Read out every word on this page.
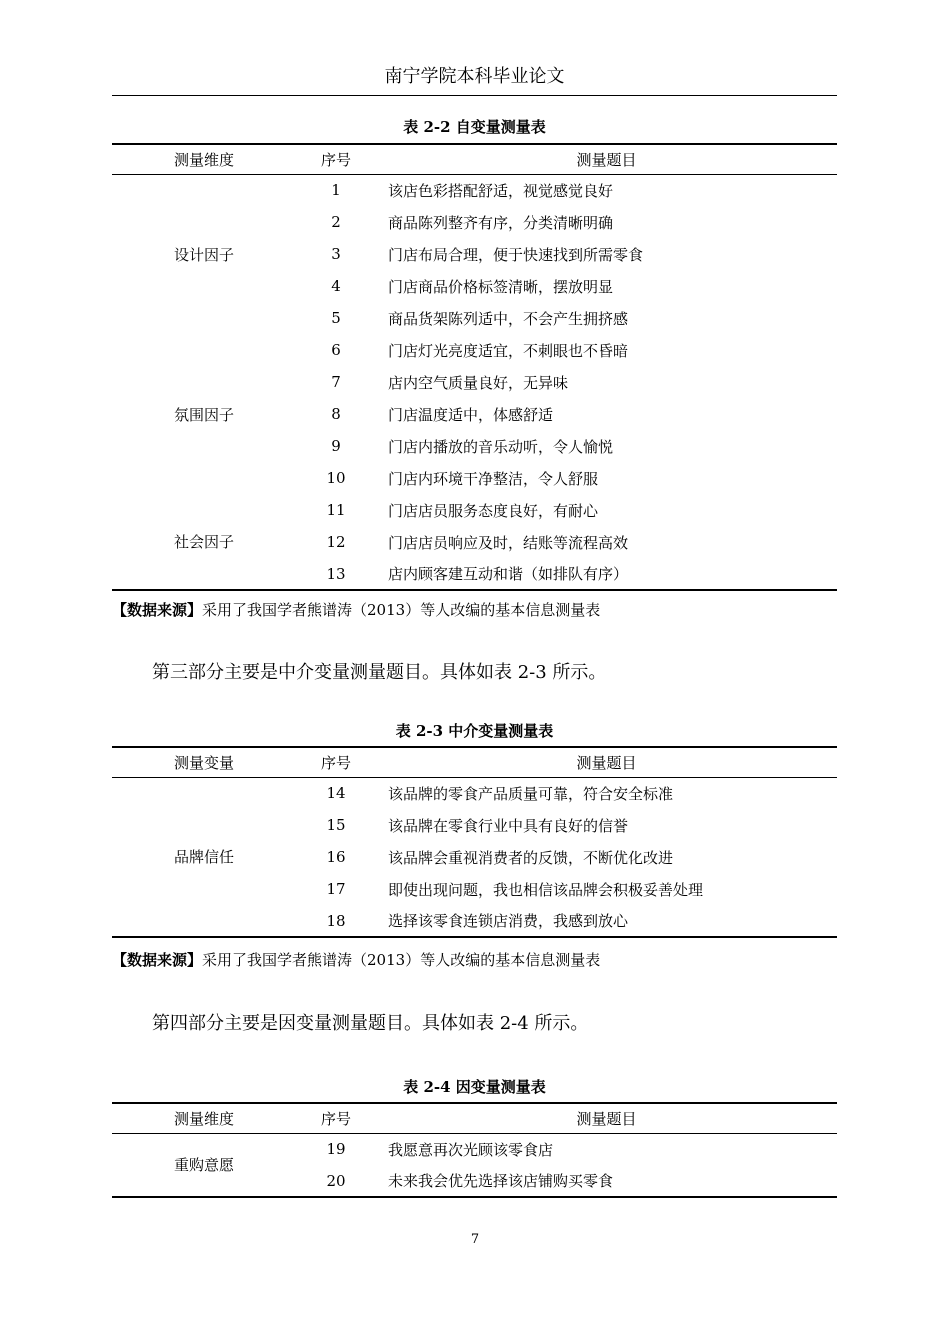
南宁学院本科毕业论文
表 2-2 自变量测量表
测量维度	序号	测量题目
设计因子	1	该店色彩搭配舒适，视觉感觉良好
	2	商品陈列整齐有序，分类清晰明确
	3	门店布局合理，便于快速找到所需零食
	4	门店商品价格标签清晰，摆放明显
	5	商品货架陈列适中，不会产生拥挤感
氛围因子	6	门店灯光亮度适宜，不刺眼也不昏暗
	7	店内空气质量良好，无异味
	8	门店温度适中，体感舒适
	9	门店内播放的音乐动听，令人愉悦
	10	门店内环境干净整洁，令人舒服
社会因子	11	门店店员服务态度良好，有耐心
	12	门店店员响应及时，结账等流程高效
	13	店内顾客建互动和谐（如排队有序）
【数据来源】采用了我国学者熊谱涛（2013）等人改编的基本信息测量表
第三部分主要是中介变量测量题目。具体如表 2-3 所示。
表 2-3 中介变量测量表
测量变量	序号	测量题目
品牌信任	14	该品牌的零食产品质量可靠，符合安全标准
	15	该品牌在零食行业中具有良好的信誉
	16	该品牌会重视消费者的反馈，不断优化改进
	17	即使出现问题，我也相信该品牌会积极妥善处理
	18	选择该零食连锁店消费，我感到放心
【数据来源】采用了我国学者熊谱涛（2013）等人改编的基本信息测量表
第四部分主要是因变量测量题目。具体如表 2-4 所示。
表 2-4 因变量测量表
测量维度	序号	测量题目
重购意愿	19	我愿意再次光顾该零食店
	20	未来我会优先选择该店铺购买零食
7
